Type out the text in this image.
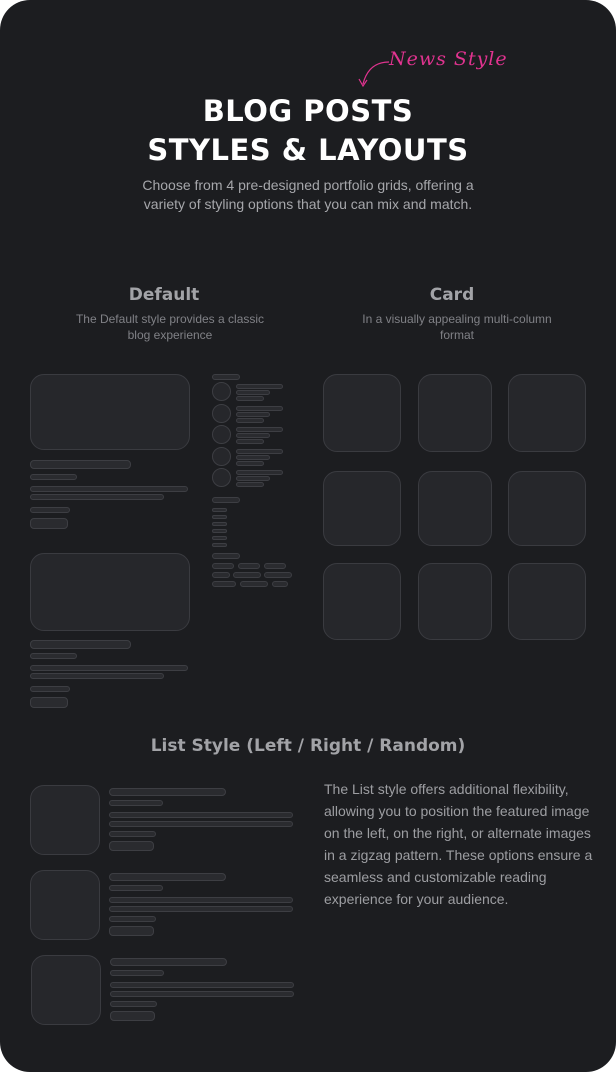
News Style
BLOG POSTS
STYLES & LAYOUTS
Choose from 4 pre-designed portfolio grids, offering a variety of styling options that you can mix and match.
Default
The Default style provides a classic blog experience
Card
In a visually appealing multi-column format
List Style (Left / Right / Random)
The List style offers additional flexibility, allowing you to position the featured image on the left, on the right, or alternate images in a zigzag pattern. These options ensure a seamless and customizable reading experience for your audience.
